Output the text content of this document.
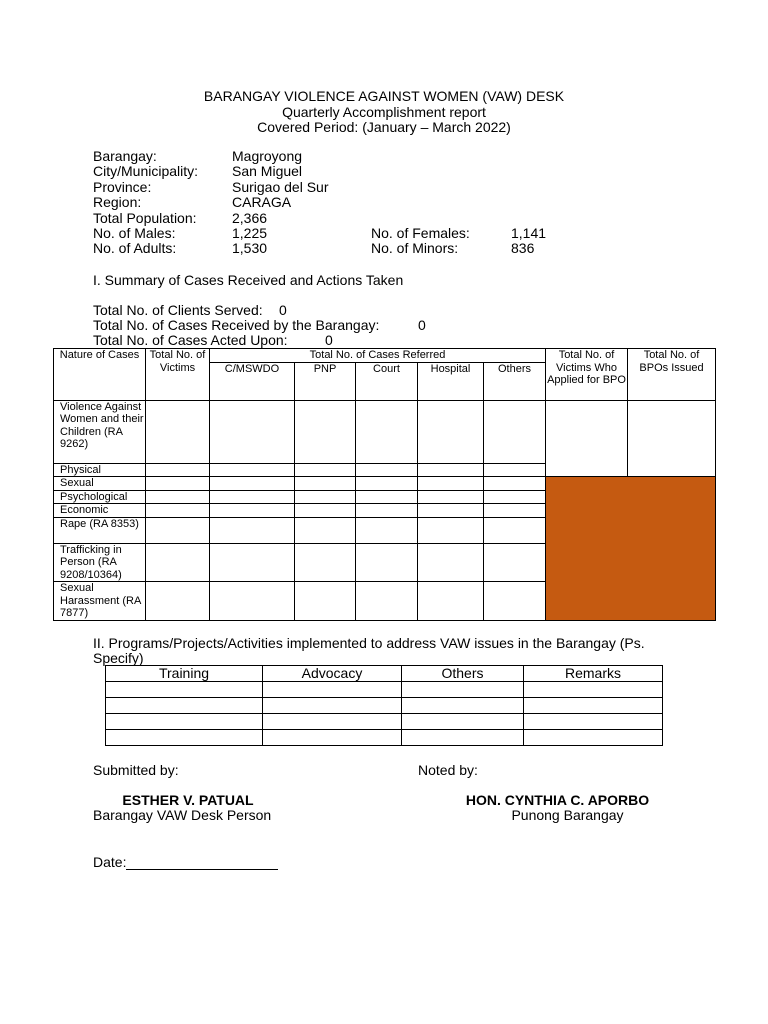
BARANGAY VIOLENCE AGAINST WOMEN (VAW) DESK
Quarterly Accomplishment report
Covered Period: (January – March 2022)
Barangay:	Magroyong
City/Municipality: San Miguel
Province:	Surigao del Sur
Region:	CARAGA
Total Population:	2,366
No. of Males:	1,225	No. of Females:	1,141
No. of Adults:	1,530	No. of Minors:	836
I. Summary of Cases Received and Actions Taken
Total No. of Clients Served: 0
Total No. of Cases Received by the Barangay:	0
Total No. of Cases Acted Upon:	0
Nature of Cases	Total No. of Victims	Total No. of Cases Referred					Total No. of Victims Who Applied for BPO	Total No. of BPOs Issued
		C/MSWDO	PNP	Court	Hospital	Others		
Violence Against Women and their Children (RA 9262)								
Physical								
Sexual								
Psychological								
Economic								
Rape (RA 8353)								
Trafficking in Person (RA 9208/10364)								
Sexual Harassment (RA 7877)								
II. Programs/Projects/Activities implemented to address VAW issues in the Barangay (Ps.
Specify)
Training	Advocacy	Others	Remarks

Submitted by:	Noted by:
ESTHER V. PATUAL
Barangay VAW Desk Person
HON. CYNTHIA C. APORBO
Punong Barangay
Date:
